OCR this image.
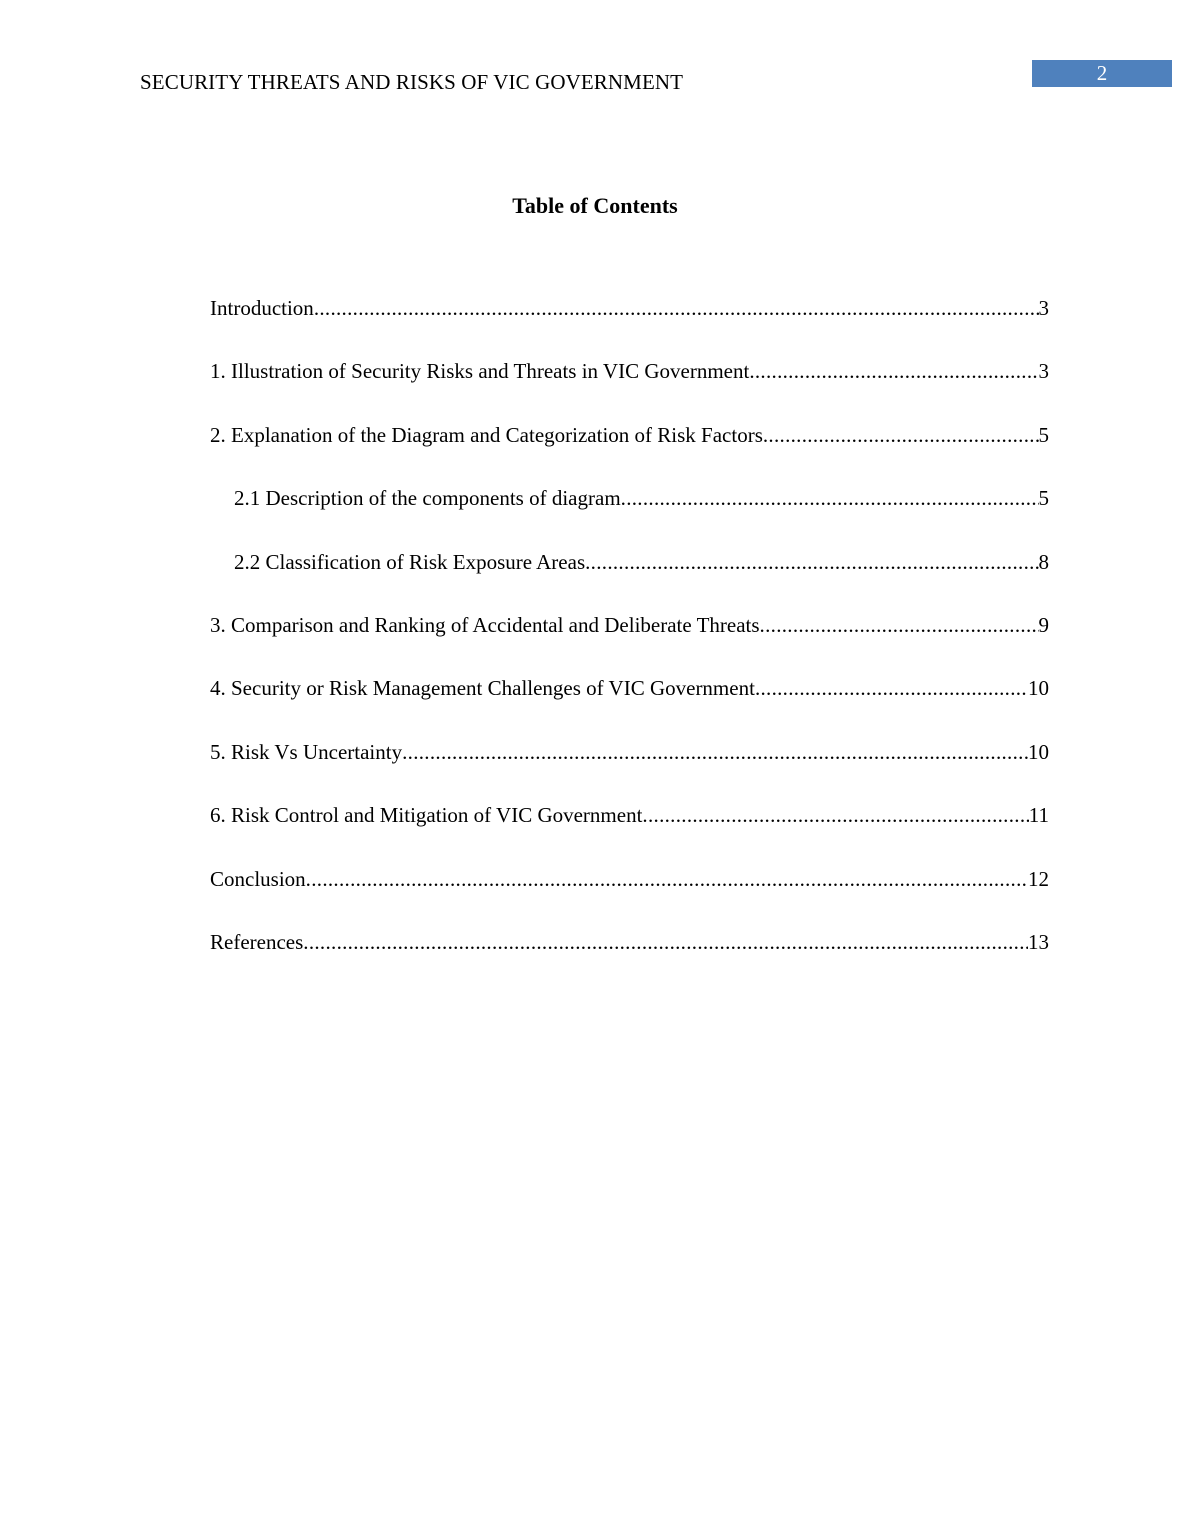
SECURITY THREATS AND RISKS OF VIC GOVERNMENT	2
Table of Contents
Introduction .....	3
1. Illustration of Security Risks and Threats in VIC Government .....	3
2. Explanation of the Diagram and Categorization of Risk Factors .....	5
2.1 Description of the components of diagram .....	5
2.2 Classification of Risk Exposure Areas .....	8
3. Comparison and Ranking of Accidental and Deliberate Threats .....	9
4. Security or Risk Management Challenges of VIC Government .....	10
5. Risk Vs Uncertainty .....	10
6. Risk Control and Mitigation of VIC Government .....	11
Conclusion .....	12
References .....	13
